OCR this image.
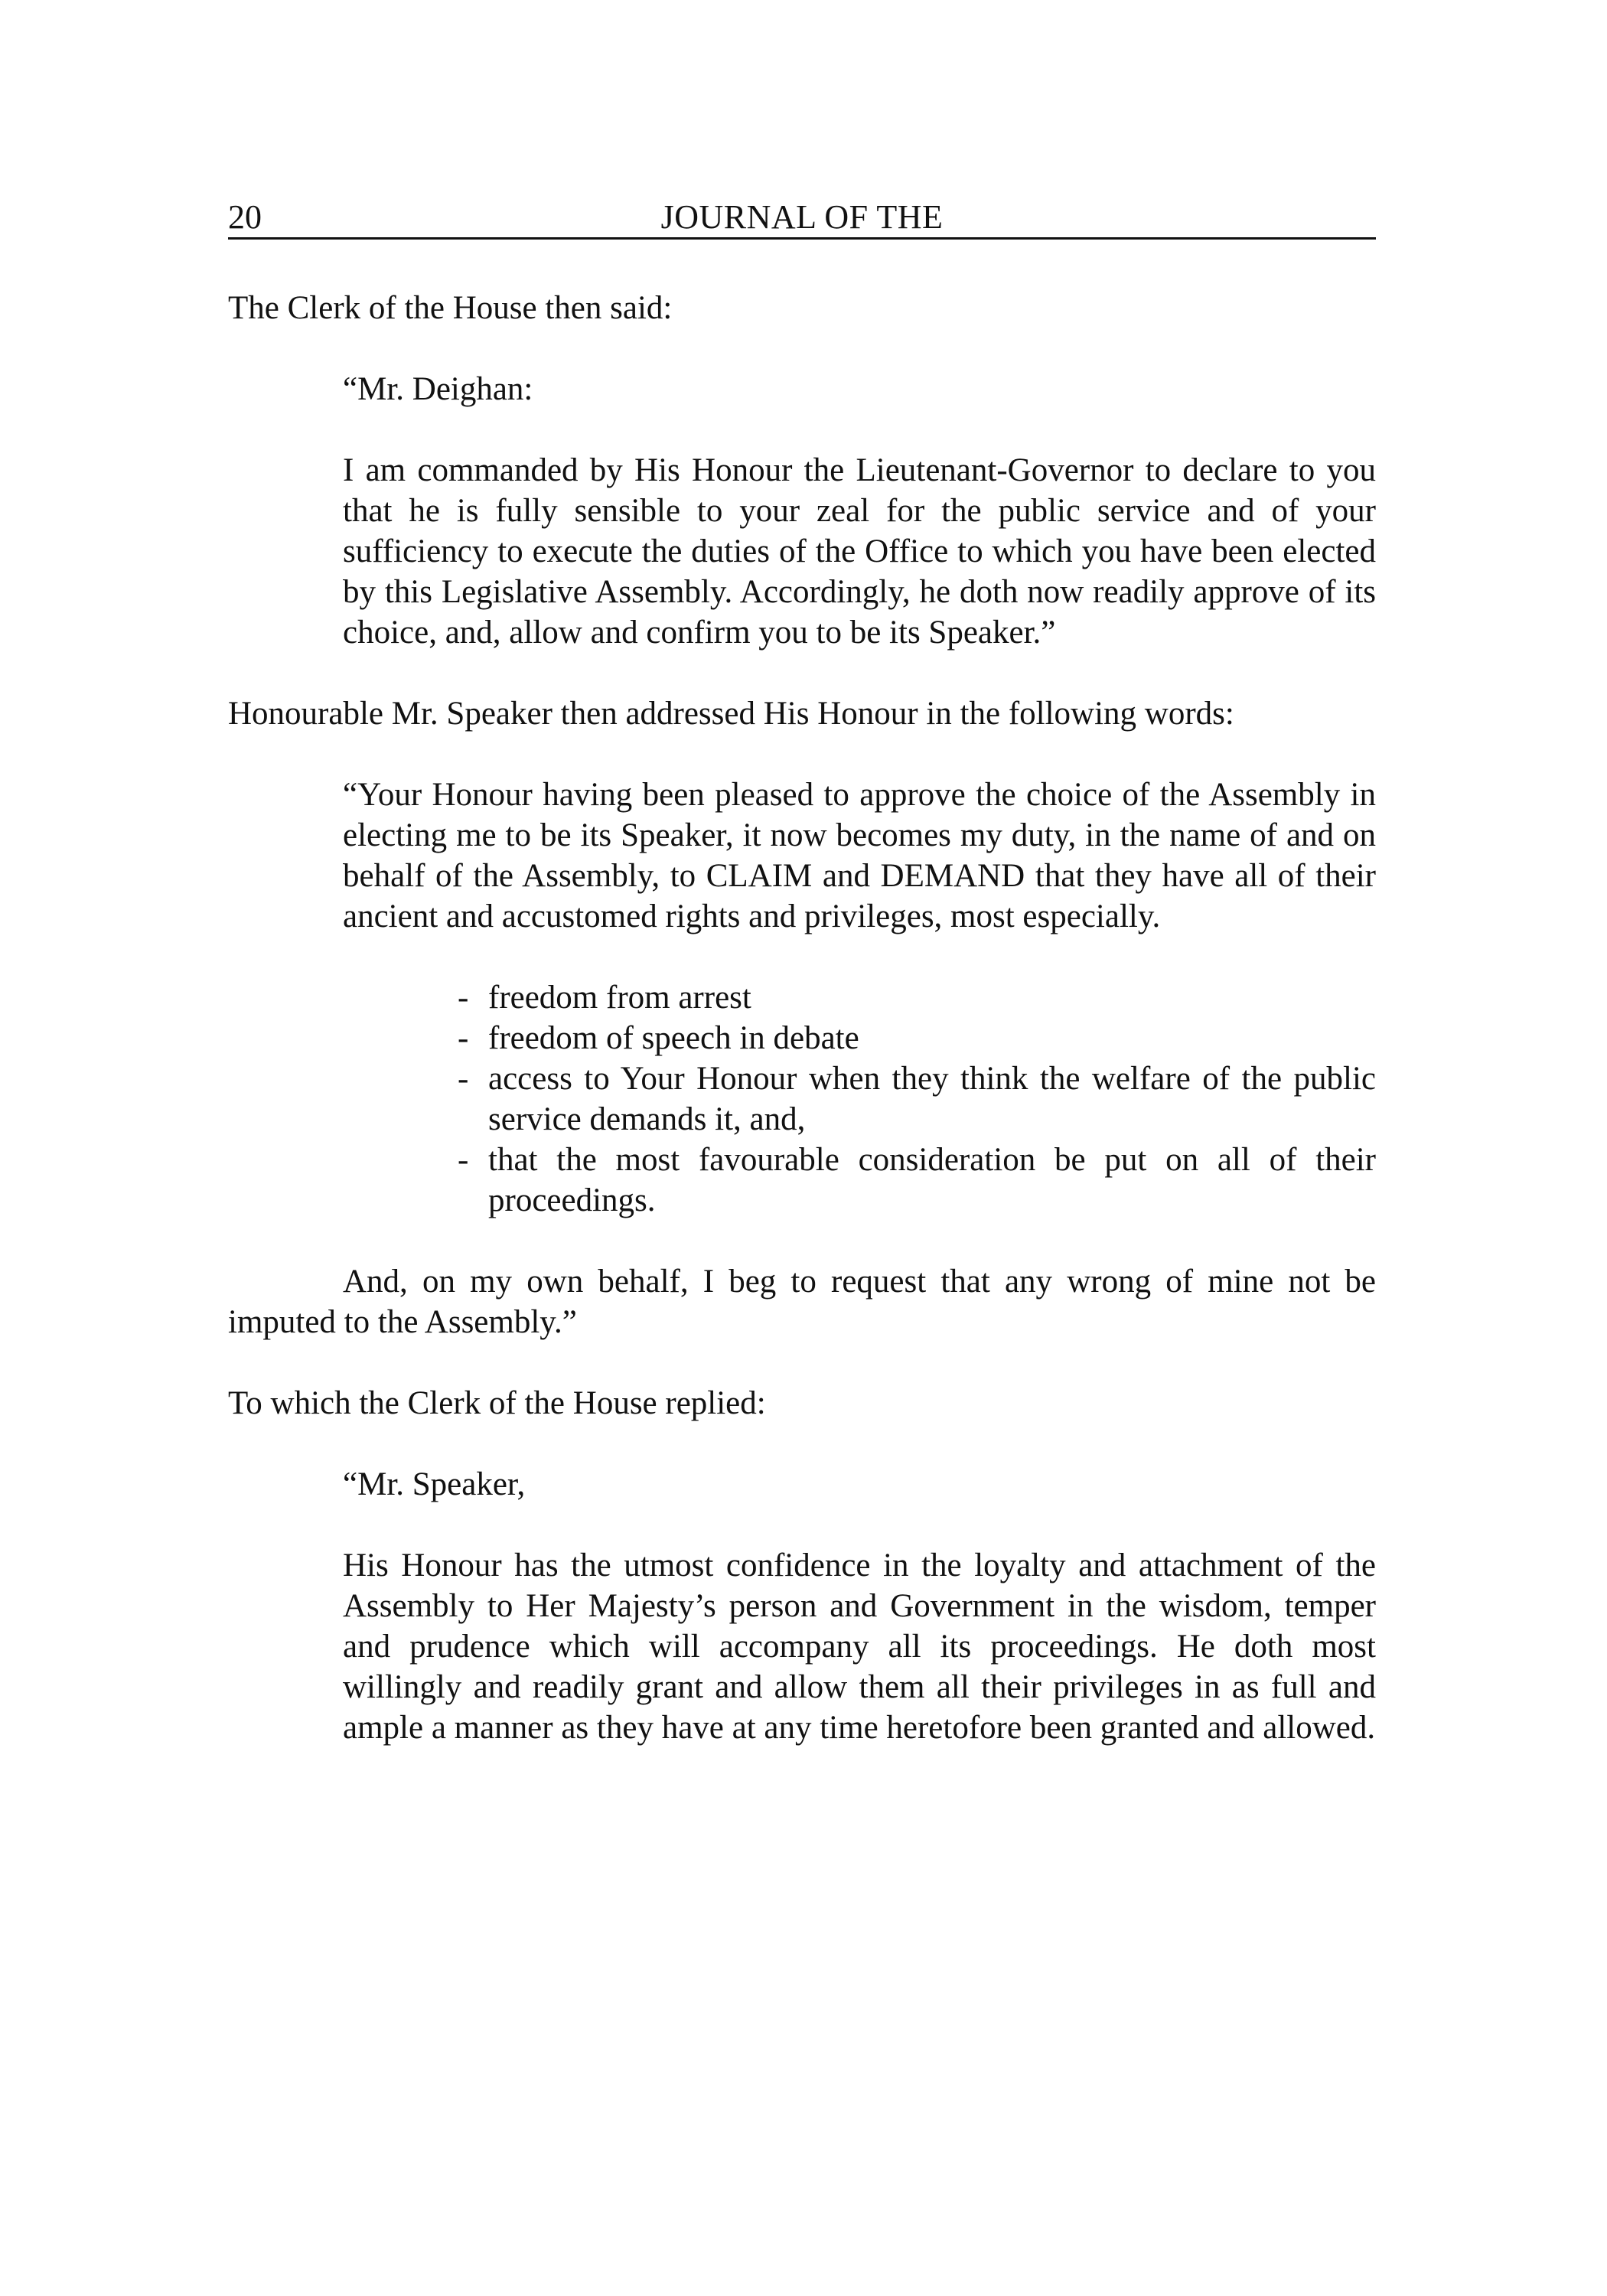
20	JOURNAL OF THE

The Clerk of the House then said:

“Mr. Deighan:

I am commanded by His Honour the Lieutenant-Governor to declare to you that he is fully sensible to your zeal for the public service and of your sufficiency to execute the duties of the Office to which you have been elected by this Legislative Assembly. Accordingly, he doth now readily approve of its choice, and, allow and confirm you to be its Speaker.”

Honourable Mr. Speaker then addressed His Honour in the following words:

“Your Honour having been pleased to approve the choice of the Assembly in electing me to be its Speaker, it now becomes my duty, in the name of and on behalf of the Assembly, to CLAIM and DEMAND that they have all of their ancient and accustomed rights and privileges, most especially.

- freedom from arrest
- freedom of speech in debate
- access to Your Honour when they think the welfare of the public service demands it, and,
- that the most favourable consideration be put on all of their proceedings.

And, on my own behalf, I beg to request that any wrong of mine not be imputed to the Assembly.”

To which the Clerk of the House replied:

“Mr. Speaker,

His Honour has the utmost confidence in the loyalty and attachment of the Assembly to Her Majesty’s person and Government in the wisdom, temper and prudence which will accompany all its proceedings. He doth most willingly and readily grant and allow them all their privileges in as full and ample a manner as they have at any time heretofore been granted and allowed.
